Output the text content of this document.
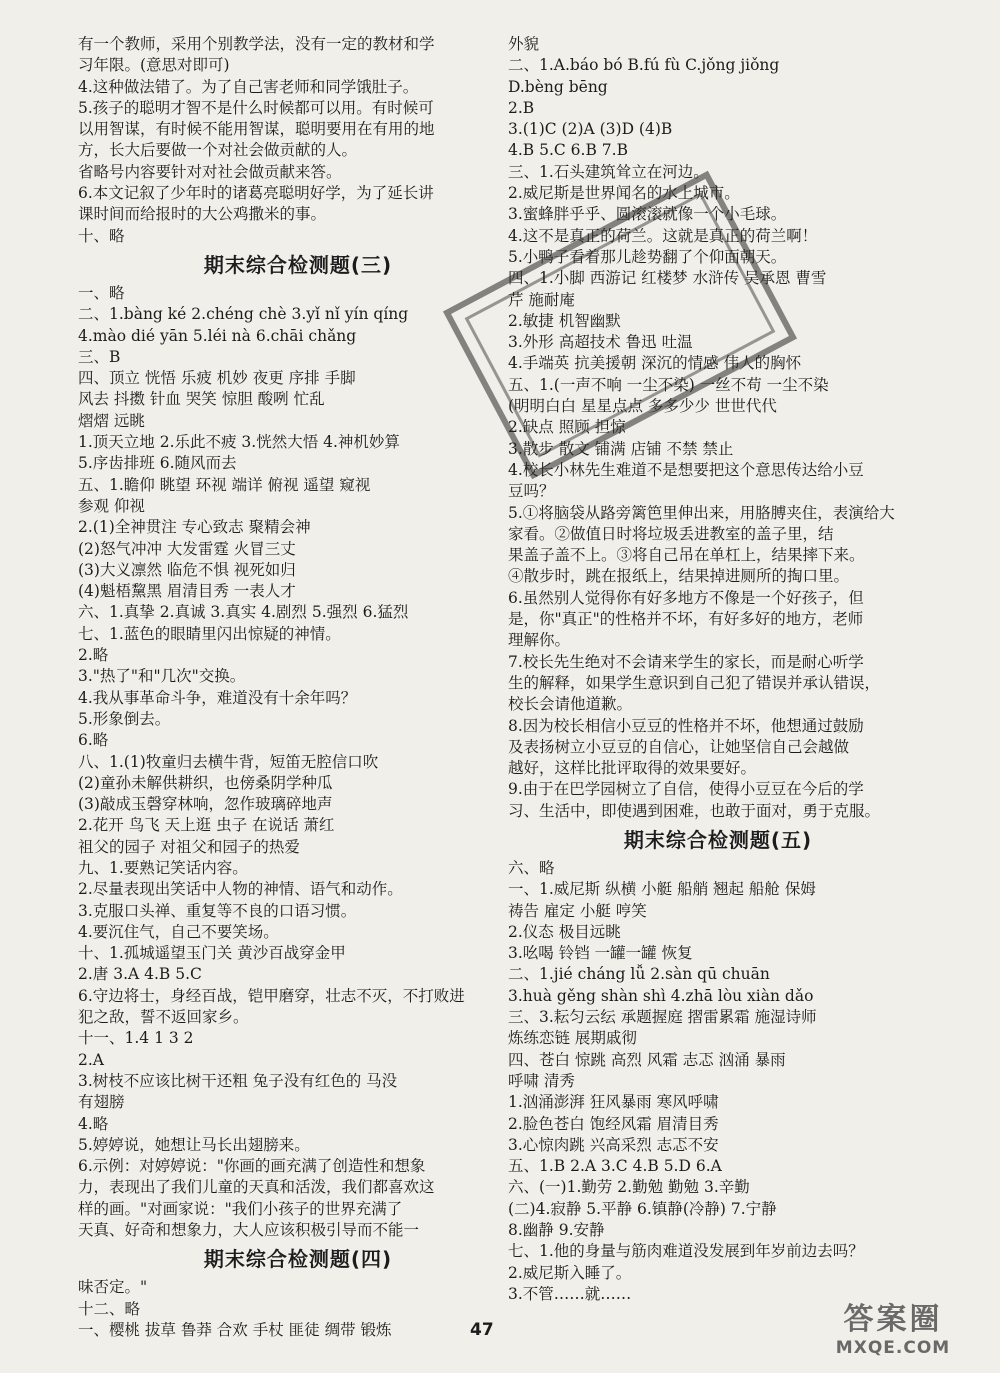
有一个教师，采用个别教学法，没有一定的教材和学
习年限。(意思对即可)
4.这种做法错了。为了自己害老师和同学饿肚子。
5.孩子的聪明才智不是什么时候都可以用。有时候可
以用智谋，有时候不能用智谋，聪明要用在有用的地
方，长大后要做一个对社会做贡献的人。
省略号内容要针对对社会做贡献来答。
6.本文记叙了少年时的诸葛亮聪明好学，为了延长讲
课时间而给报时的大公鸡撒米的事。
十、略
期末综合检测题(三)
一、略
二、1.bàng ké 2.chéng chè 3.yǐ nǐ yín qíng
4.mào dié yān 5.léi nà 6.chāi chǎng
三、B
四、顶立 恍悟 乐疲 机妙 夜更 序排 手脚
风去 抖擞 针血 哭笑 惊胆 酸咧 忙乱
熠熠 远眺
1.顶天立地 2.乐此不疲 3.恍然大悟 4.神机妙算
5.序齿排班 6.随风而去
五、1.瞻仰 眺望 环视 端详 俯视 遥望 窥视
参观 仰视
2.(1)全神贯注 专心致志 聚精会神
(2)怒气冲冲 大发雷霆 火冒三丈
(3)大义凛然 临危不惧 视死如归
(4)魁梧黧黑 眉清目秀 一表人才
六、1.真挚 2.真诚 3.真实 4.剧烈 5.强烈 6.猛烈
七、1.蓝色的眼睛里闪出惊疑的神情。
2.略
3."热了"和"几次"交换。
4.我从事革命斗争，难道没有十余年吗？
5.形象倒去。
6.略
八、1.(1)牧童归去横牛背，短笛无腔信口吹
(2)童孙未解供耕织，也傍桑阴学种瓜
(3)敲成玉磬穿林响，忽作玻璃碎地声
2.花开 鸟飞 天上逛 虫子 在说话 萧红
祖父的园子 对祖父和园子的热爱
九、1.要熟记笑话内容。
2.尽量表现出笑话中人物的神情、语气和动作。
3.克服口头禅、重复等不良的口语习惯。
4.要沉住气，自己不要笑场。
十、1.孤城遥望玉门关 黄沙百战穿金甲
2.唐 3.A 4.B 5.C
6.守边将士，身经百战，铠甲磨穿，壮志不灭，不打败进
犯之敌，誓不返回家乡。
十一、1.4 1 3 2
2.A
3.树枝不应该比树干还粗 兔子没有红色的 马没
有翅膀
4.略
5.婷婷说，她想让马长出翅膀来。
6.示例：对婷婷说："你画的画充满了创造性和想象
力，表现出了我们儿童的天真和活泼，我们都喜欢这
样的画。"对画家说："我们小孩子的世界充满了
天真、好奇和想象力，大人应该积极引导而不能一
期末综合检测题(四)
味否定。"
十二、略
一、樱桃 拔草 鲁莽 合欢 手杖 匪徒 绸带 锻炼
外貌
二、1.A.báo bó B.fú fù C.jǒng jiǒng
D.bèng bēng
2.B
3.(1)C (2)A (3)D (4)B
4.B 5.C 6.B 7.B
三、1.石头建筑耸立在河边。
2.威尼斯是世界闻名的水上城市。
3.蜜蜂胖乎乎、圆滚滚就像一个小毛球。
4.这不是真正的荷兰。这就是真正的荷兰啊！
5.小鸭子看着那儿趁势翻了个仰面朝天。
四、1.小脚 西游记 红楼梦 水浒传 吴承恩 曹雪
芹 施耐庵
2.敏捷 机智幽默
3.外形 高超技术 鲁迅 吐温
4.手端英 抗美援朝 深沉的情感 伟人的胸怀
五、1.(一声不响 一尘不染) 一丝不苟 一尘不染
(明明白白 星星点点 多多少少 世世代代
2.缺点 照顾 担惊
3.散步 散文 铺满 店铺 不禁 禁止
4.校长小林先生难道不是想要把这个意思传达给小豆
豆吗？
5.①将脑袋从路旁篱笆里伸出来，用胳膊夹住，表演给大
家看。②做值日时将垃圾丢进教室的盖子里，结
果盖子盖不上。③将自己吊在单杠上，结果摔下来。
④散步时，跳在报纸上，结果掉进厕所的掏口里。
6.虽然别人觉得你有好多地方不像是一个好孩子，但
是，你"真正"的性格并不坏，有好多好的地方，老师
理解你。
7.校长先生绝对不会请来学生的家长，而是耐心听学
生的解释，如果学生意识到自己犯了错误并承认错误，
校长会请他道歉。
8.因为校长相信小豆豆的性格并不坏，他想通过鼓励
及表扬树立小豆豆的自信心，让她坚信自己会越做
越好，这样比批评取得的效果要好。
9.由于在巴学园树立了自信，使得小豆豆在今后的学
习、生活中，即使遇到困难，也敢于面对，勇于克服。
期末综合检测题(五)
六、略
一、1.威尼斯 纵横 小艇 船艄 翘起 船舱 保姆
祷告 雇定 小艇 哼笑
2.仪态 极目远眺
3.吆喝 铃铛 一罐一罐 恢复
二、1.jié cháng lǚ 2.sàn qū chuān
3.huà gěng shàn shì 4.zhā lòu xiàn dǎo
三、3.耘匀云纭 承题握庭 摺雷累霜 施湿诗师
炼练恋链 展期戚彻
四、苍白 惊跳 高烈 风霜 志忑 汹涌 暴雨
呼啸 清秀
1.汹涌澎湃 狂风暴雨 寒风呼啸
2.脸色苍白 饱经风霜 眉清目秀
3.心惊肉跳 兴高采烈 志忑不安
五、1.B 2.A 3.C 4.B 5.D 6.A
六、(一)1.勤劳 2.勤勉 勤勉 3.辛勤
(二)4.寂静 5.平静 6.镇静(冷静) 7.宁静
8.幽静 9.安静
七、1.他的身量与筋肉难道没发展到年岁前边去吗？
2.威尼斯入睡了。
3.不管……就……
47	答案圈
MXQE.COM
